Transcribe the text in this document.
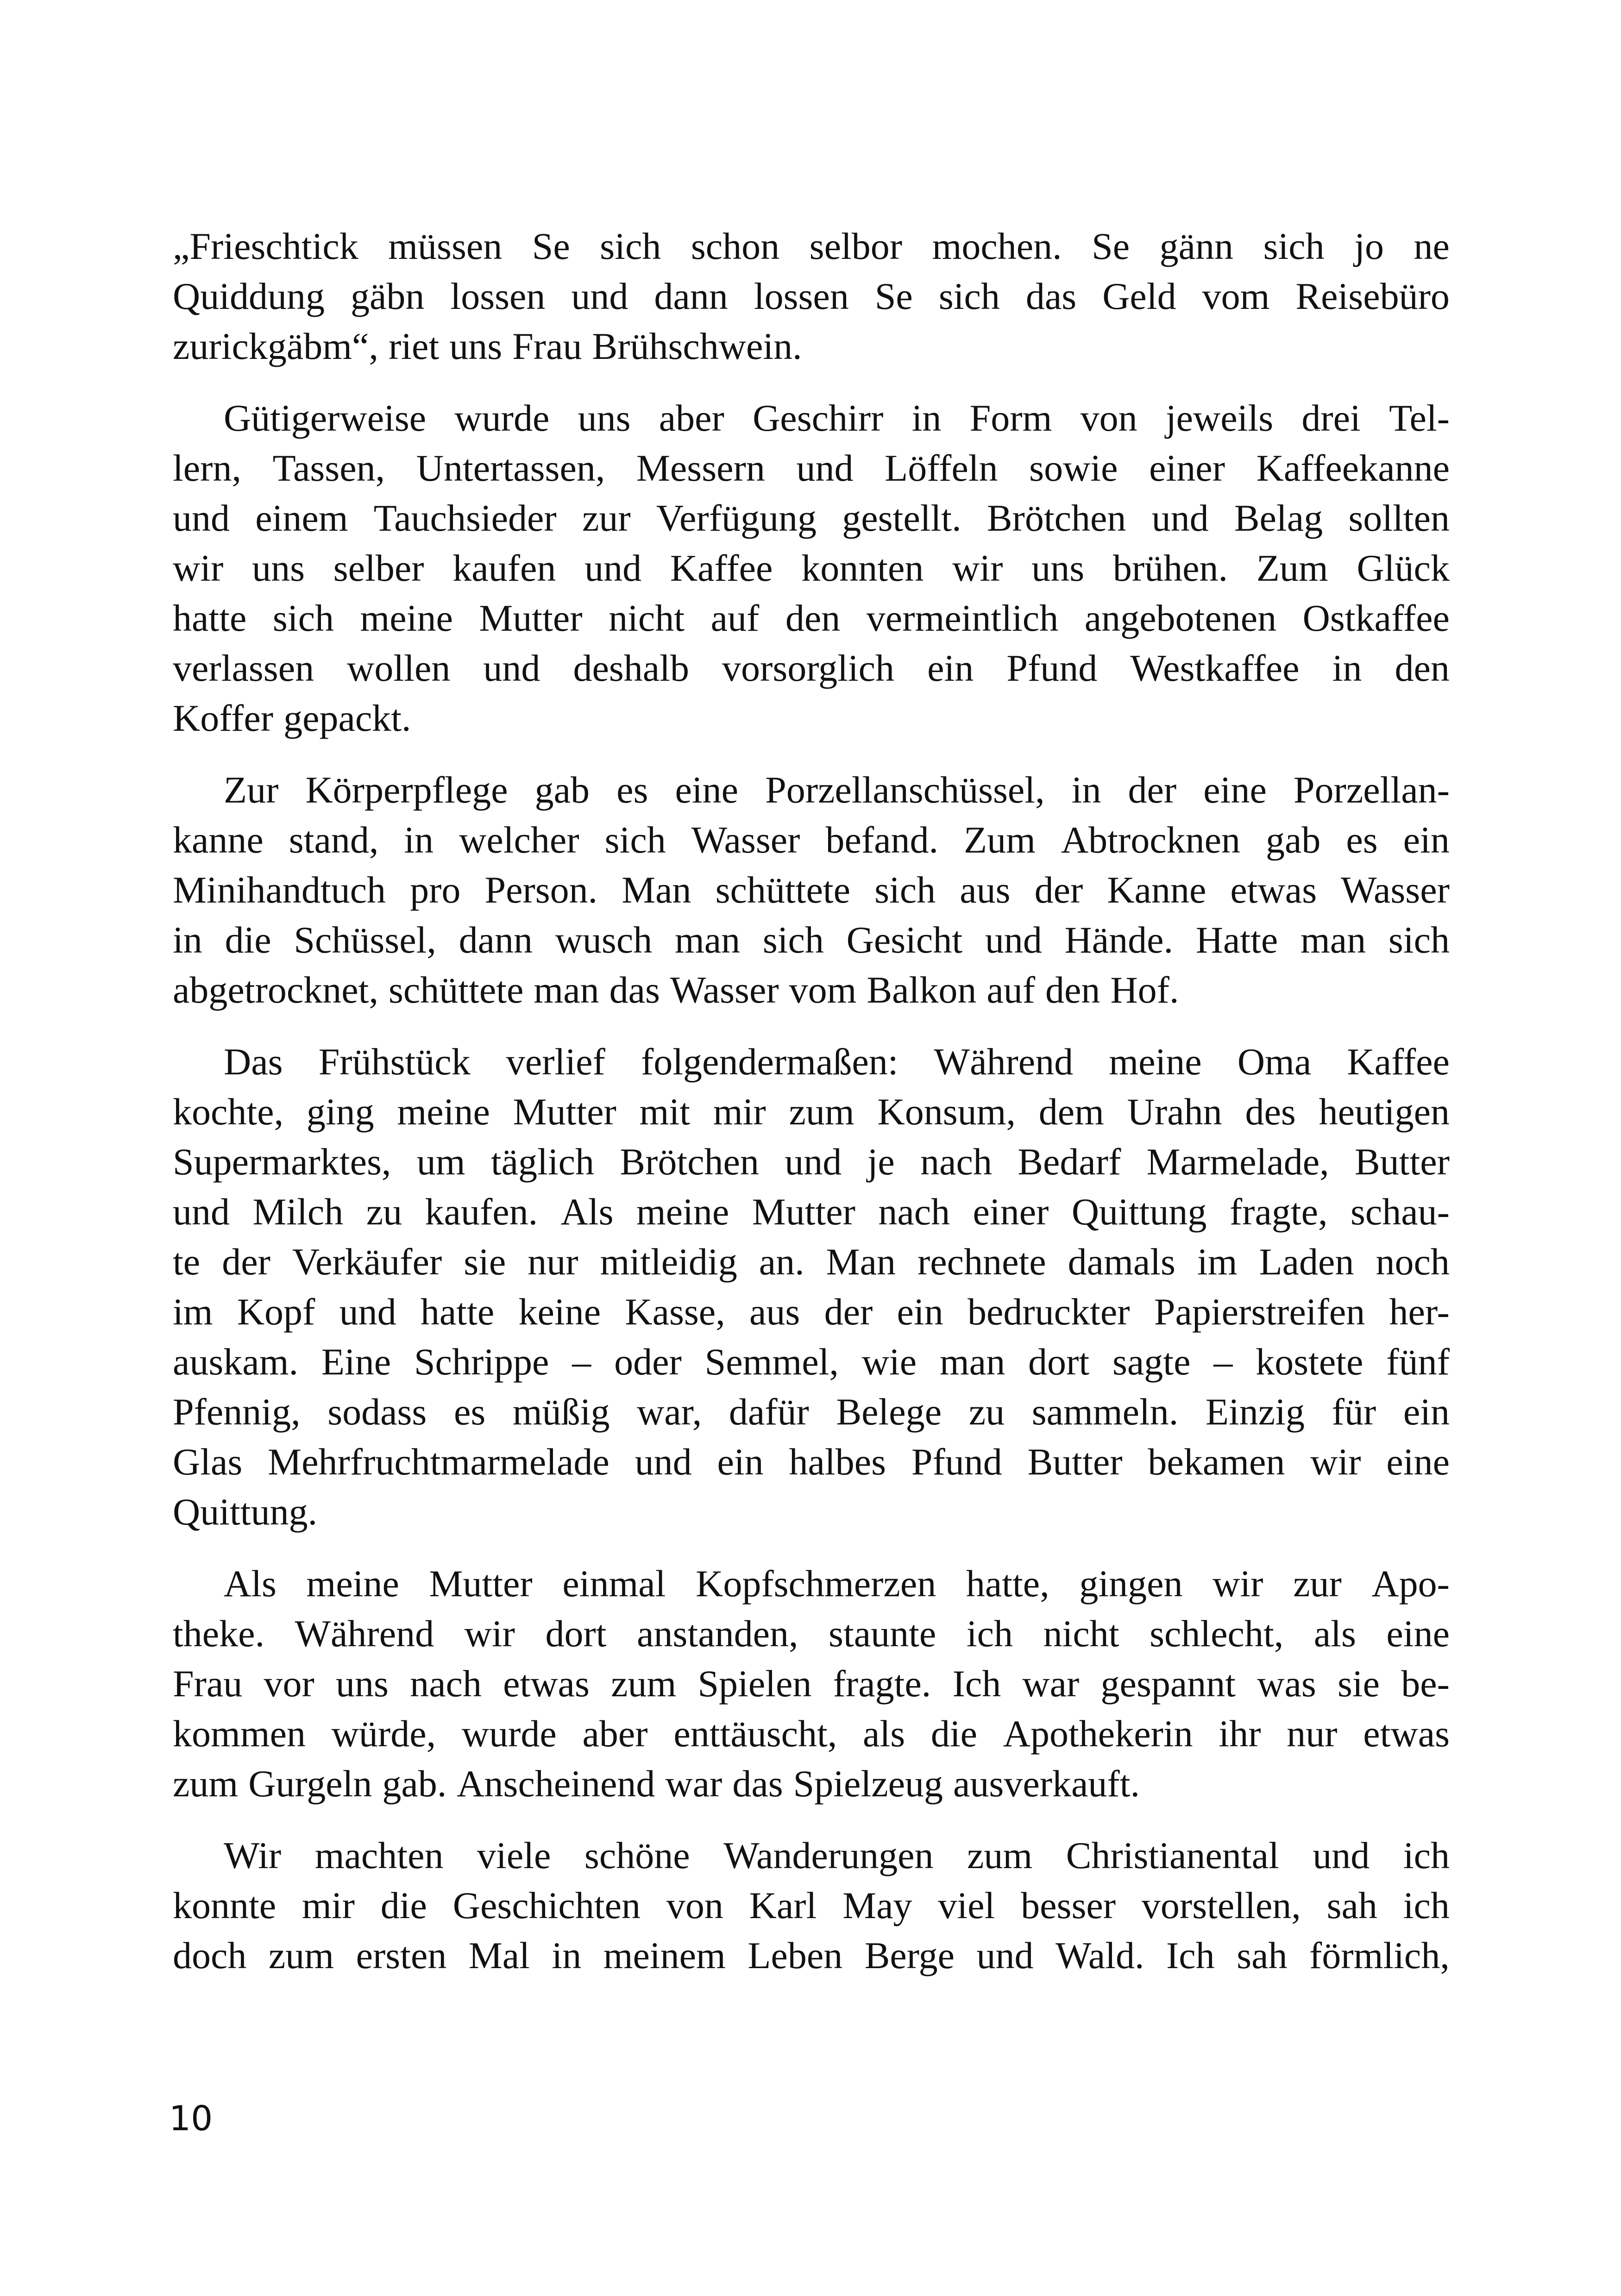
„Frieschtick müssen Se sich schon selbor mochen. Se gänn sich jo ne
Quiddung gäbn lossen und dann lossen Se sich das Geld vom Reisebüro
zurickgäbm“, riet uns Frau Brühschwein.
Gütigerweise wurde uns aber Geschirr in Form von jeweils drei Tel-
lern, Tassen, Untertassen, Messern und Löffeln sowie einer Kaffeekanne
und einem Tauchsieder zur Verfügung gestellt. Brötchen und Belag sollten
wir uns selber kaufen und Kaffee konnten wir uns brühen. Zum Glück
hatte sich meine Mutter nicht auf den vermeintlich angebotenen Ostkaffee
verlassen wollen und deshalb vorsorglich ein Pfund Westkaffee in den
Koffer gepackt.
Zur Körperpflege gab es eine Porzellanschüssel, in der eine Porzellan-
kanne stand, in welcher sich Wasser befand. Zum Abtrocknen gab es ein
Minihandtuch pro Person. Man schüttete sich aus der Kanne etwas Wasser
in die Schüssel, dann wusch man sich Gesicht und Hände. Hatte man sich
abgetrocknet, schüttete man das Wasser vom Balkon auf den Hof.
Das Frühstück verlief folgendermaßen: Während meine Oma Kaffee
kochte, ging meine Mutter mit mir zum Konsum, dem Urahn des heutigen
Supermarktes, um täglich Brötchen und je nach Bedarf Marmelade, Butter
und Milch zu kaufen. Als meine Mutter nach einer Quittung fragte, schau-
te der Verkäufer sie nur mitleidig an. Man rechnete damals im Laden noch
im Kopf und hatte keine Kasse, aus der ein bedruckter Papierstreifen her-
auskam. Eine Schrippe – oder Semmel, wie man dort sagte – kostete fünf
Pfennig, sodass es müßig war, dafür Belege zu sammeln. Einzig für ein
Glas Mehrfruchtmarmelade und ein halbes Pfund Butter bekamen wir eine
Quittung.
Als meine Mutter einmal Kopfschmerzen hatte, gingen wir zur Apo-
theke. Während wir dort anstanden, staunte ich nicht schlecht, als eine
Frau vor uns nach etwas zum Spielen fragte. Ich war gespannt was sie be-
kommen würde, wurde aber enttäuscht, als die Apothekerin ihr nur etwas
zum Gurgeln gab. Anscheinend war das Spielzeug ausverkauft.
Wir machten viele schöne Wanderungen zum Christianental und ich
konnte mir die Geschichten von Karl May viel besser vorstellen, sah ich
doch zum ersten Mal in meinem Leben Berge und Wald. Ich sah förmlich,
10
